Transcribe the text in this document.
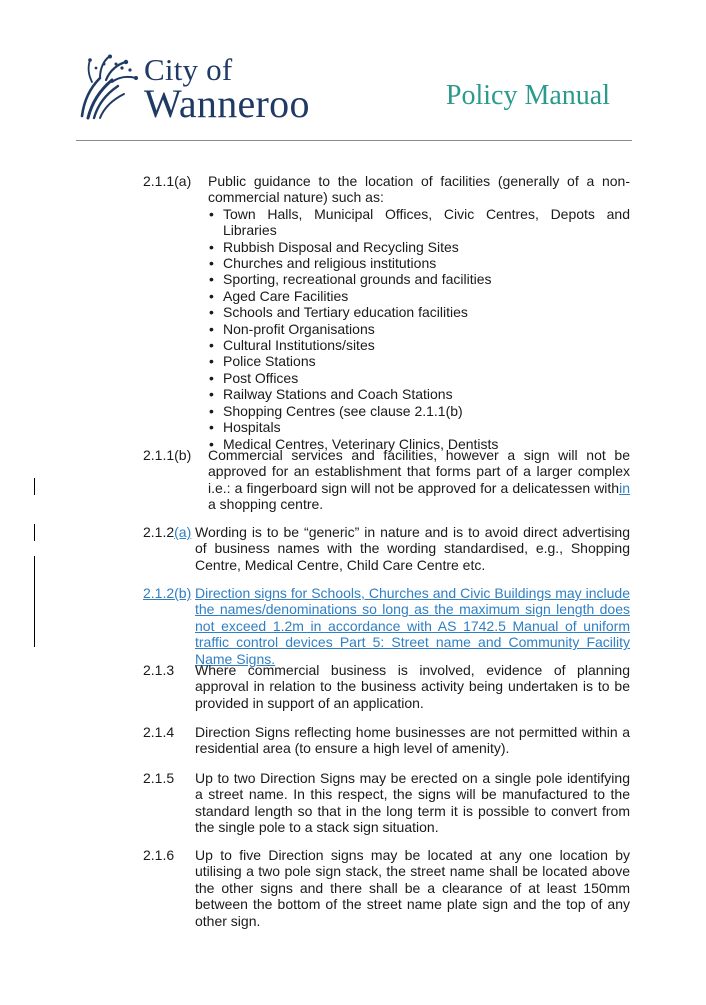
City of
Wanneroo	Policy Manual
2.1.1(a) Public guidance to the location of facilities (generally of a non-commercial nature) such as:
• Town Halls, Municipal Offices, Civic Centres, Depots and Libraries
• Rubbish Disposal and Recycling Sites
• Churches and religious institutions
• Sporting, recreational grounds and facilities
• Aged Care Facilities
• Schools and Tertiary education facilities
• Non-profit Organisations
• Cultural Institutions/sites
• Police Stations
• Post Offices
• Railway Stations and Coach Stations
• Shopping Centres (see clause 2.1.1(b)
• Hospitals
• Medical Centres, Veterinary Clinics, Dentists
2.1.1(b) Commercial services and facilities, however a sign will not be approved for an establishment that forms part of a larger complex i.e.: a fingerboard sign will not be approved for a delicatessen within a shopping centre.
2.1.2(a) Wording is to be “generic” in nature and is to avoid direct advertising of business names with the wording standardised, e.g., Shopping Centre, Medical Centre, Child Care Centre etc.
2.1.2(b) Direction signs for Schools, Churches and Civic Buildings may include the names/denominations so long as the maximum sign length does not exceed 1.2m in accordance with AS 1742.5 Manual of uniform traffic control devices Part 5: Street name and Community Facility Name Signs.
2.1.3 Where commercial business is involved, evidence of planning approval in relation to the business activity being undertaken is to be provided in support of an application.
2.1.4 Direction Signs reflecting home businesses are not permitted within a residential area (to ensure a high level of amenity).
2.1.5 Up to two Direction Signs may be erected on a single pole identifying a street name. In this respect, the signs will be manufactured to the standard length so that in the long term it is possible to convert from the single pole to a stack sign situation.
2.1.6 Up to five Direction signs may be located at any one location by utilising a two pole sign stack, the street name shall be located above the other signs and there shall be a clearance of at least 150mm between the bottom of the street name plate sign and the top of any other sign.
